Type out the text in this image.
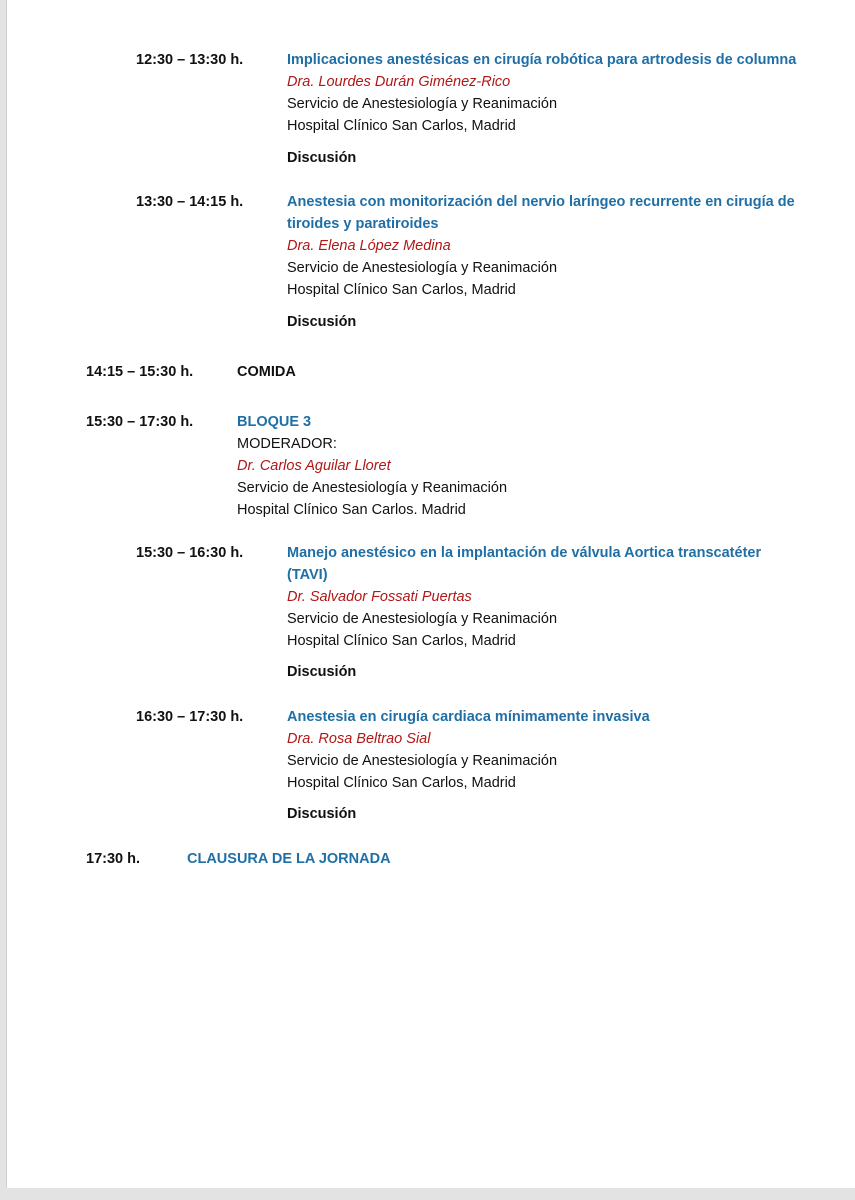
12:30 – 13:30 h.	Implicaciones anestésicas en cirugía robótica para artrodesis de columna
Dra. Lourdes Durán Giménez-Rico
Servicio de Anestesiología y Reanimación
Hospital Clínico San Carlos, Madrid
Discusión
13:30 – 14:15 h.	Anestesia con monitorización del nervio laríngeo recurrente en cirugía de
tiroides y paratiroides
Dra. Elena López Medina
Servicio de Anestesiología y Reanimación
Hospital Clínico San Carlos, Madrid
Discusión
14:15 – 15:30 h.	COMIDA
15:30 – 17:30 h.	BLOQUE 3
MODERADOR:
Dr. Carlos Aguilar Lloret
Servicio de Anestesiología y Reanimación
Hospital Clínico San Carlos. Madrid
15:30 – 16:30 h.	Manejo anestésico en la implantación de válvula Aortica transcatéter
(TAVI)
Dr. Salvador Fossati Puertas
Servicio de Anestesiología y Reanimación
Hospital Clínico San Carlos, Madrid
Discusión
16:30 – 17:30 h.	Anestesia en cirugía cardiaca mínimamente invasiva
Dra. Rosa Beltrao Sial
Servicio de Anestesiología y Reanimación
Hospital Clínico San Carlos, Madrid
Discusión
17:30 h.	CLAUSURA DE LA JORNADA
